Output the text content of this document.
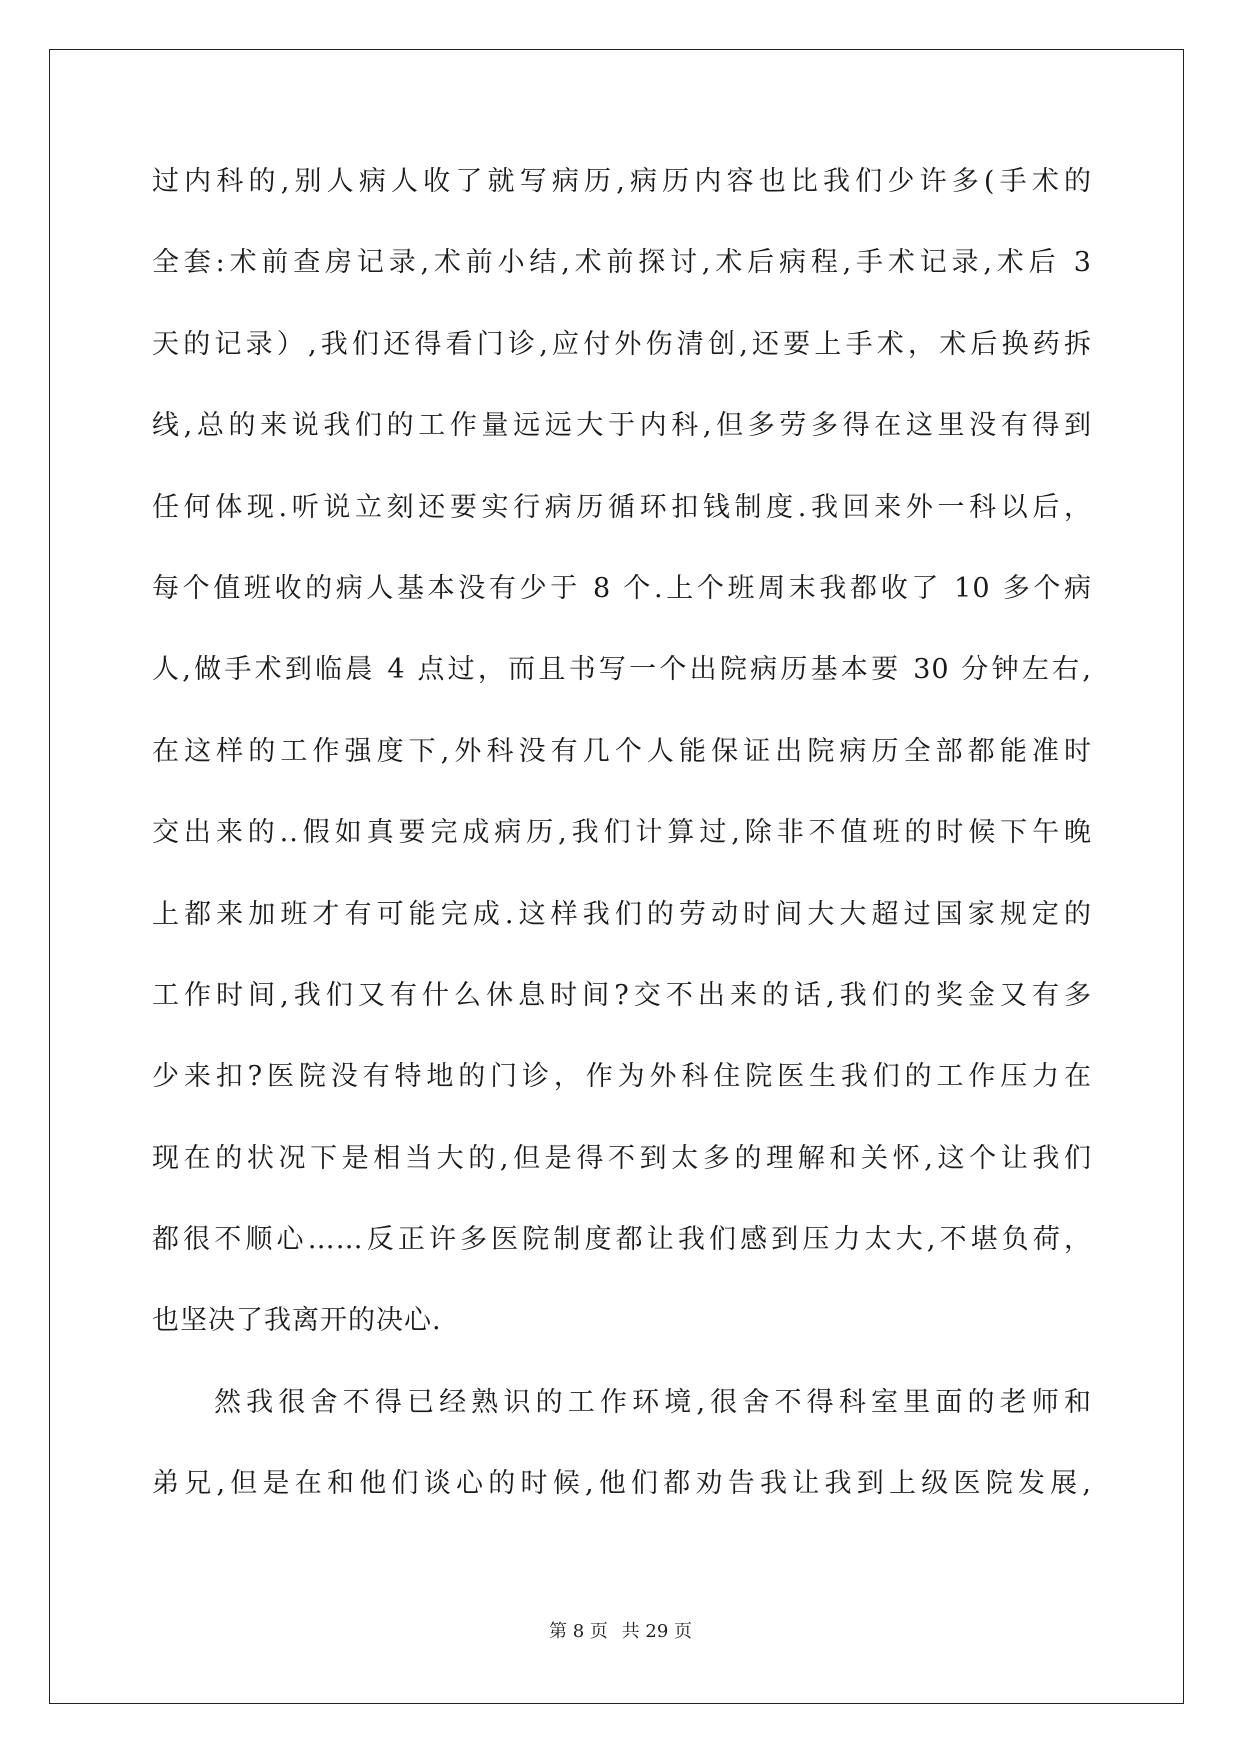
过内科的,别人病人收了就写病历,病历内容也比我们少许多(手术的
全套:术前查房记录,术前小结,术前探讨,术后病程,手术记录,术后 3
天的记录）,我们还得看门诊,应付外伤清创,还要上手术，术后换药拆
线,总的来说我们的工作量远远大于内科,但多劳多得在这里没有得到
任何体现.听说立刻还要实行病历循环扣钱制度.我回来外一科以后，
每个值班收的病人基本没有少于 8 个.上个班周末我都收了 10 多个病
人,做手术到临晨 4 点过，而且书写一个出院病历基本要 30 分钟左右,
在这样的工作强度下,外科没有几个人能保证出院病历全部都能准时
交出来的..假如真要完成病历,我们计算过,除非不值班的时候下午晚
上都来加班才有可能完成.这样我们的劳动时间大大超过国家规定的
工作时间,我们又有什么休息时间?交不出来的话,我们的奖金又有多
少来扣?医院没有特地的门诊，作为外科住院医生我们的工作压力在
现在的状况下是相当大的,但是得不到太多的理解和关怀,这个让我们
都很不顺心……反正许多医院制度都让我们感到压力太大,不堪负荷，
也坚决了我离开的决心.
然我很舍不得已经熟识的工作环境,很舍不得科室里面的老师和
弟兄,但是在和他们谈心的时候,他们都劝告我让我到上级医院发展,
第 8 页 共 29 页
